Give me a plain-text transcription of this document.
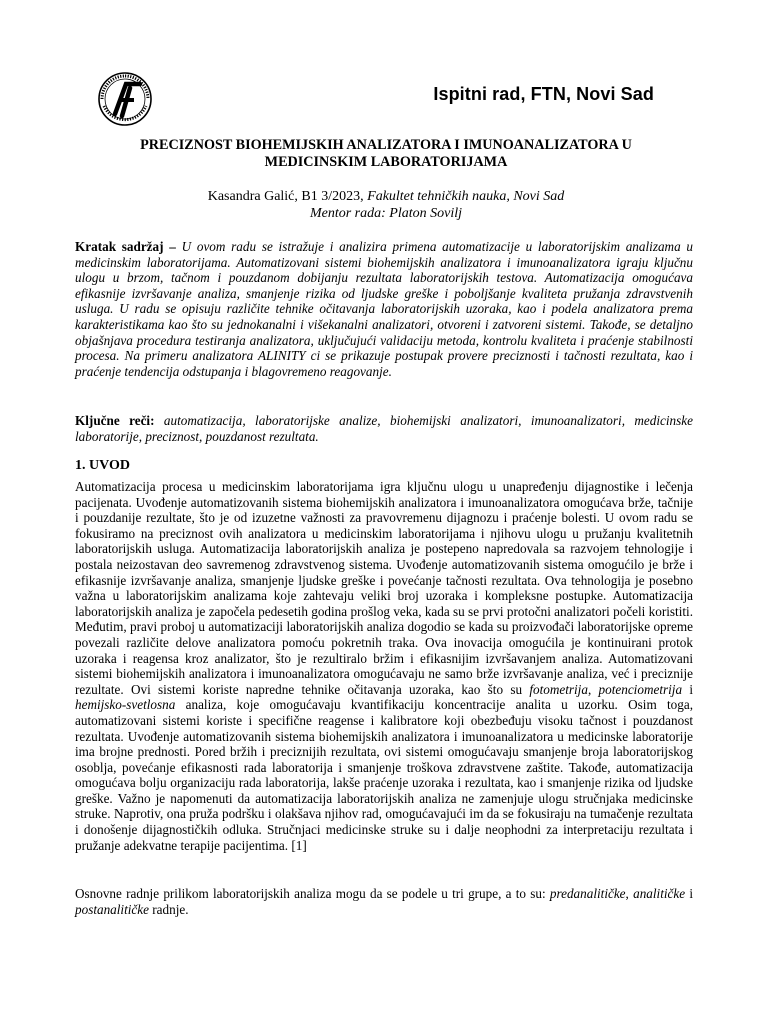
Ispitni rad, FTN, Novi Sad
PRECIZNOST BIOHEMIJSKIH ANALIZATORA I IMUNOANALIZATORA U MEDICINSKIM LABORATORIJAMA
Kasandra Galić, B1 3/2023, Fakultet tehničkih nauka, Novi Sad
Mentor rada: Platon Sovilj
Kratak sadržaj – U ovom radu se istražuje i analizira primena automatizacije u laboratorijskim analizama u medicinskim laboratorijama. Automatizovani sistemi biohemijskih analizatora i imunoanalizatora igraju ključnu ulogu u brzom, tačnom i pouzdanom dobijanju rezultata laboratorijskih testova. Automatizacija omogućava efikasnije izvršavanje analiza, smanjenje rizika od ljudske greške i poboljšanje kvaliteta pružanja zdravstvenih usluga. U radu se opisuju različite tehnike očitavanja laboratorijskih uzoraka, kao i podela analizatora prema karakteristikama kao što su jednokanalni i višekanalni analizatori, otvoreni i zatvoreni sistemi. Takođe, se detaljno objašnjava procedura testiranja analizatora, uključujući validaciju metoda, kontrolu kvaliteta i praćenje stabilnosti procesa. Na primeru analizatora ALINITY ci se prikazuje postupak provere preciznosti i tačnosti rezultata, kao i praćenje tendencija odstupanja i blagovremeno reagovanje.
Ključne reči: automatizacija, laboratorijske analize, biohemijski analizatori, imunoanalizatori, medicinske laboratorije, preciznost, pouzdanost rezultata.
1. UVOD
Automatizacija procesa u medicinskim laboratorijama igra ključnu ulogu u unapređenju dijagnostike i lečenja pacijenata. Uvođenje automatizovanih sistema biohemijskih analizatora i imunoanalizatora omogućava brže, tačnije i pouzdanije rezultate, što je od izuzetne važnosti za pravovremenu dijagnozu i praćenje bolesti. U ovom radu se fokusiramo na preciznost ovih analizatora u medicinskim laboratorijama i njihovu ulogu u pružanju kvalitetnih laboratorijskih usluga. Automatizacija laboratorijskih analiza je postepeno napredovala sa razvojem tehnologije i postala neizostavan deo savremenog zdravstvenog sistema. Uvođenje automatizovanih sistema omogućilo je brže i efikasnije izvršavanje analiza, smanjenje ljudske greške i povećanje tačnosti rezultata. Ova tehnologija je posebno važna u laboratorijskim analizama koje zahtevaju veliki broj uzoraka i kompleksne postupke. Automatizacija laboratorijskih analiza je započela pedesetih godina prošlog veka, kada su se prvi protočni analizatori počeli koristiti. Međutim, pravi proboj u automatizaciji laboratorijskih analiza dogodio se kada su proizvođači laboratorijske opreme povezali različite delove analizatora pomoću pokretnih traka. Ova inovacija omogućila je kontinuirani protok uzoraka i reagensa kroz analizator, što je rezultiralo bržim i efikasnijim izvršavanjem analiza. Automatizovani sistemi biohemijskih analizatora i imunoanalizatora omogućavaju ne samo brže izvršavanje analiza, već i preciznije rezultate. Ovi sistemi koriste napredne tehnike očitavanja uzoraka, kao što su fotometrija, potenciometrija i hemijsko-svetlosna analiza, koje omogućavaju kvantifikaciju koncentracije analita u uzorku. Osim toga, automatizovani sistemi koriste i specifične reagense i kalibratore koji obezbeđuju visoku tačnost i pouzdanost rezultata. Uvođenje automatizovanih sistema biohemijskih analizatora i imunoanalizatora u medicinske laboratorije ima brojne prednosti. Pored bržih i preciznijih rezultata, ovi sistemi omogućavaju smanjenje broja laboratorijskog osoblja, povećanje efikasnosti rada laboratorija i smanjenje troškova zdravstvene zaštite. Takođe, automatizacija omogućava bolju organizaciju rada laboratorija, lakše praćenje uzoraka i rezultata, kao i smanjenje rizika od ljudske greške. Važno je napomenuti da automatizacija laboratorijskih analiza ne zamenjuje ulogu stručnjaka medicinske struke. Naprotiv, ona pruža podršku i olakšava njihov rad, omogućavajući im da se fokusiraju na tumačenje rezultata i donošenje dijagnostičkih odluka. Stručnjaci medicinske struke su i dalje neophodni za interpretaciju rezultata i pružanje adekvatne terapije pacijentima. [1]
Osnovne radnje prilikom laboratorijskih analiza mogu da se podele u tri grupe, a to su: predanalitičke, analitičke i postanalitičke radnje.
